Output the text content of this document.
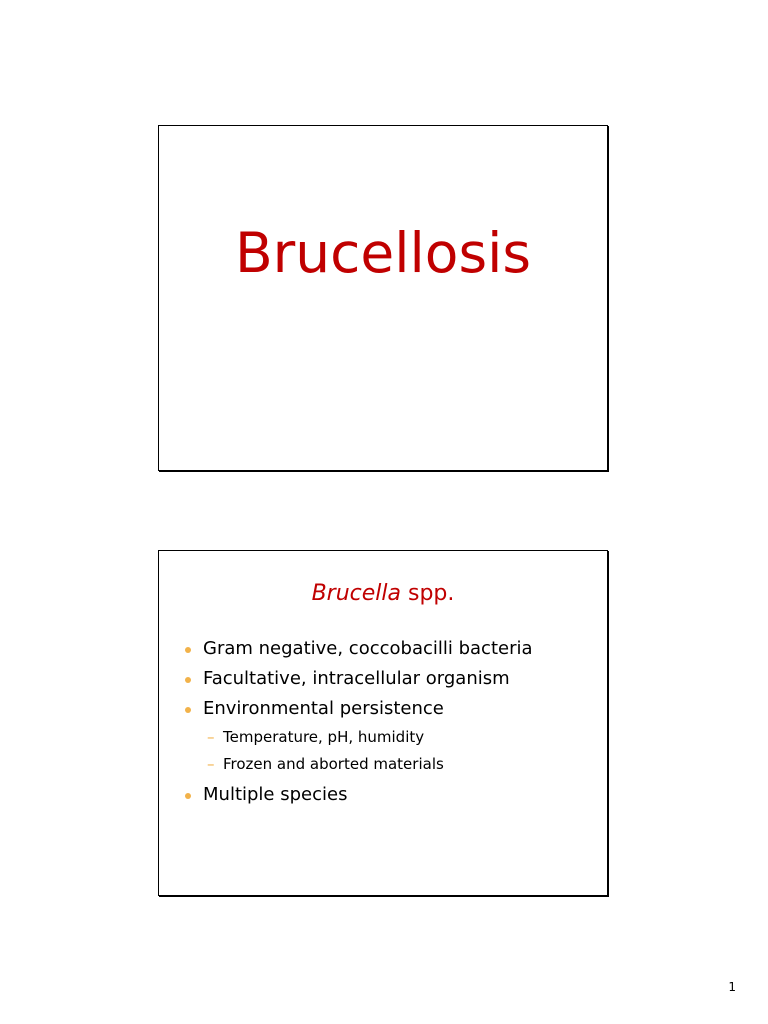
Brucellosis
Brucella spp.
Gram negative, coccobacilli bacteria
Facultative, intracellular organism
Environmental persistence
– Temperature, pH, humidity
– Frozen and aborted materials
Multiple species
1
